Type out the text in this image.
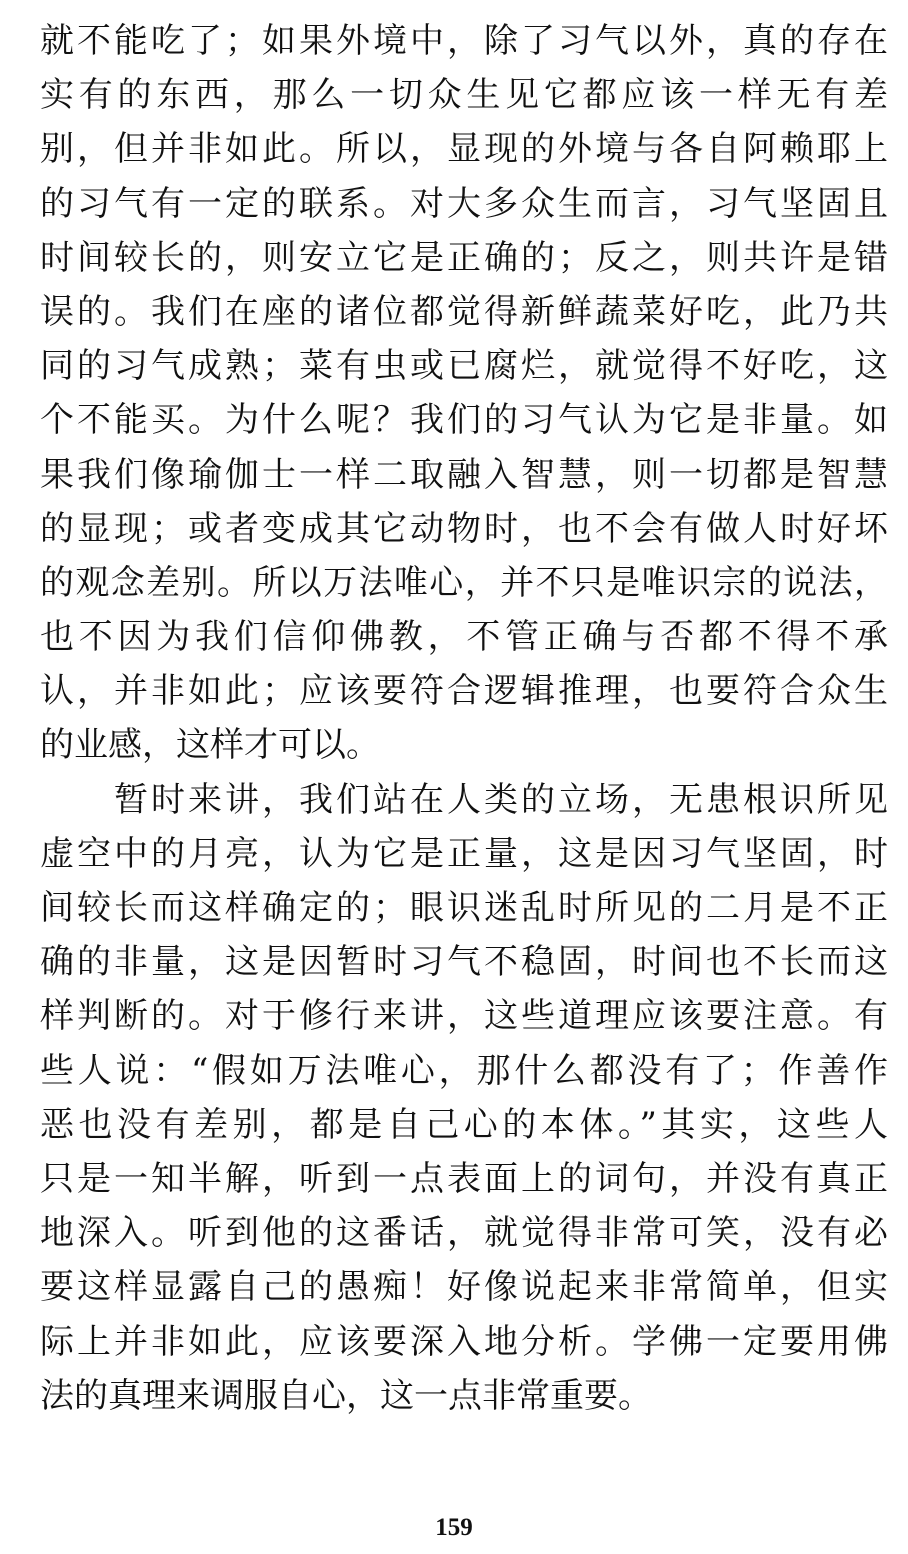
就不能吃了；如果外境中，除了习气以外，真的存在
实有的东西，那么一切众生见它都应该一样无有差
别，但并非如此。所以，显现的外境与各自阿赖耶上
的习气有一定的联系。对大多众生而言，习气坚固且
时间较长的，则安立它是正确的；反之，则共许是错
误的。我们在座的诸位都觉得新鲜蔬菜好吃，此乃共
同的习气成熟；菜有虫或已腐烂，就觉得不好吃，这
个不能买。为什么呢？我们的习气认为它是非量。如
果我们像瑜伽士一样二取融入智慧，则一切都是智慧
的显现；或者变成其它动物时，也不会有做人时好坏
的观念差别。所以万法唯心，并不只是唯识宗的说法，
也不因为我们信仰佛教，不管正确与否都不得不承
认，并非如此；应该要符合逻辑推理，也要符合众生
的业感，这样才可以。
　　暂时来讲，我们站在人类的立场，无患根识所见
虚空中的月亮，认为它是正量，这是因习气坚固，时
间较长而这样确定的；眼识迷乱时所见的二月是不正
确的非量，这是因暂时习气不稳固，时间也不长而这
样判断的。对于修行来讲，这些道理应该要注意。有
些人说：“假如万法唯心，那什么都没有了；作善作
恶也没有差别，都是自己心的本体。”其实，这些人
只是一知半解，听到一点表面上的词句，并没有真正
地深入。听到他的这番话，就觉得非常可笑，没有必
要这样显露自己的愚痴！好像说起来非常简单，但实
际上并非如此，应该要深入地分析。学佛一定要用佛
法的真理来调服自心，这一点非常重要。
159
